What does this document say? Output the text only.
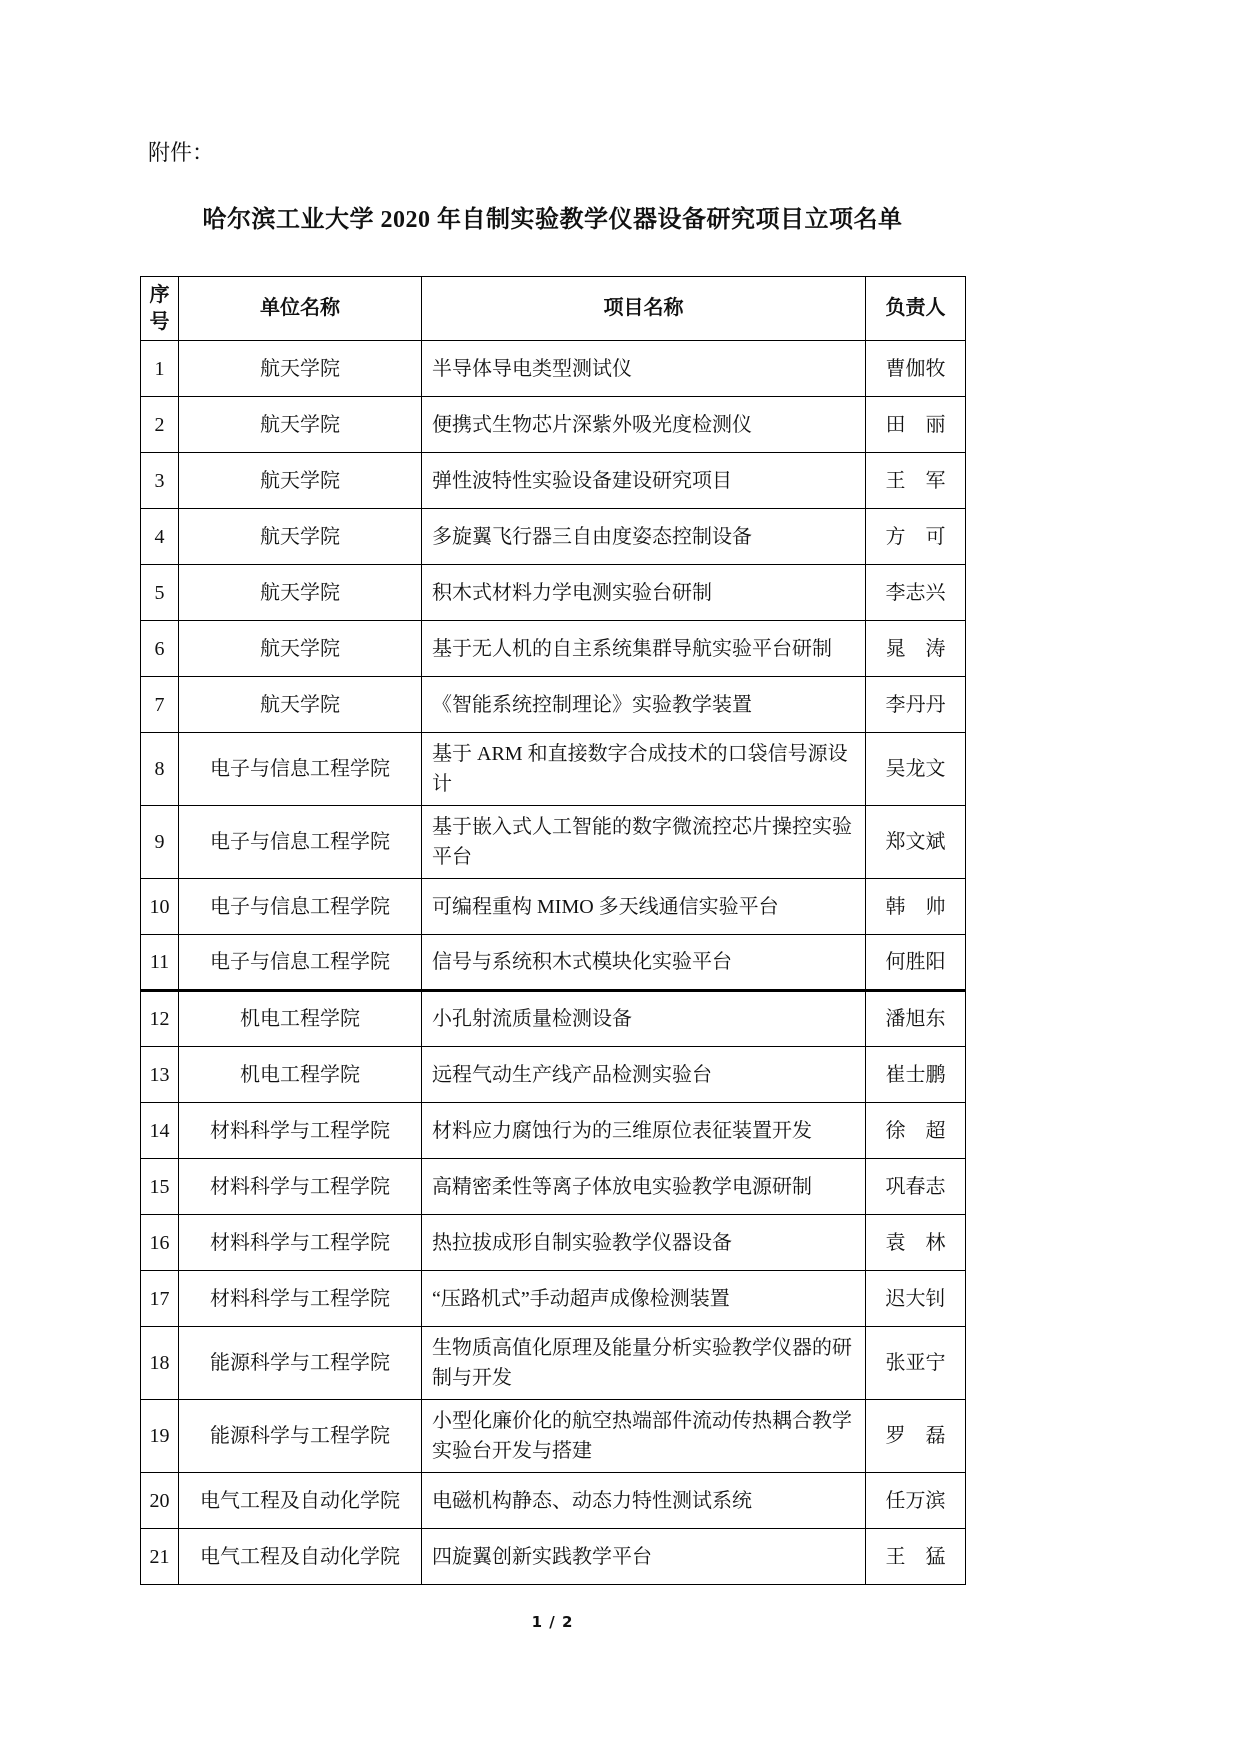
附件：
哈尔滨工业大学 2020 年自制实验教学仪器设备研究项目立项名单
序号	单位名称	项目名称	负责人
1	航天学院	半导体导电类型测试仪	曹伽牧
2	航天学院	便携式生物芯片深紫外吸光度检测仪	田　丽
3	航天学院	弹性波特性实验设备建设研究项目	王　军
4	航天学院	多旋翼飞行器三自由度姿态控制设备	方　可
5	航天学院	积木式材料力学电测实验台研制	李志兴
6	航天学院	基于无人机的自主系统集群导航实验平台研制	晁　涛
7	航天学院	《智能系统控制理论》实验教学装置	李丹丹
8	电子与信息工程学院	基于 ARM 和直接数字合成技术的口袋信号源设计	吴龙文
9	电子与信息工程学院	基于嵌入式人工智能的数字微流控芯片操控实验平台	郑文斌
10	电子与信息工程学院	可编程重构 MIMO 多天线通信实验平台	韩　帅
11	电子与信息工程学院	信号与系统积木式模块化实验平台	何胜阳
12	机电工程学院	小孔射流质量检测设备	潘旭东
13	机电工程学院	远程气动生产线产品检测实验台	崔士鹏
14	材料科学与工程学院	材料应力腐蚀行为的三维原位表征装置开发	徐　超
15	材料科学与工程学院	高精密柔性等离子体放电实验教学电源研制	巩春志
16	材料科学与工程学院	热拉拔成形自制实验教学仪器设备	袁　林
17	材料科学与工程学院	“压路机式”手动超声成像检测装置	迟大钊
18	能源科学与工程学院	生物质高值化原理及能量分析实验教学仪器的研制与开发	张亚宁
19	能源科学与工程学院	小型化廉价化的航空热端部件流动传热耦合教学实验台开发与搭建	罗　磊
20	电气工程及自动化学院	电磁机构静态、动态力特性测试系统	任万滨
21	电气工程及自动化学院	四旋翼创新实践教学平台	王　猛
1 / 2
